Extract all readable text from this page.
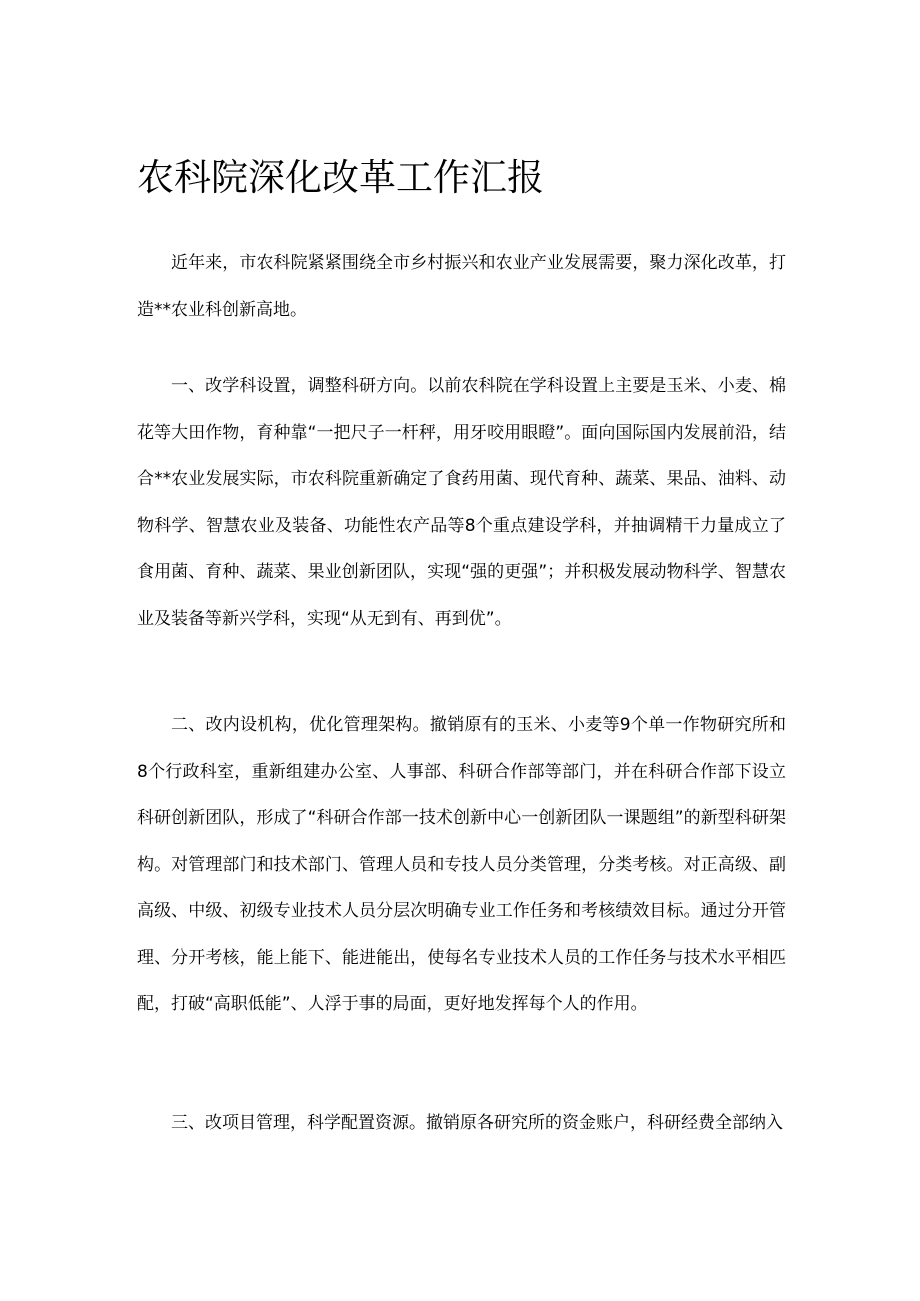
农科院深化改革工作汇报

近年来，市农科院紧紧围绕全市乡村振兴和农业产业发展需要，聚力深化改革，打造**农业科创新高地。

一、改学科设置，调整科研方向。以前农科院在学科设置上主要是玉米、小麦、棉花等大田作物，育种靠“一把尺子一杆秤，用牙咬用眼瞪”。面向国际国内发展前沿，结合**农业发展实际，市农科院重新确定了食药用菌、现代育种、蔬菜、果品、油料、动物科学、智慧农业及装备、功能性农产品等8个重点建设学科，并抽调精干力量成立了食用菌、育种、蔬菜、果业创新团队，实现“强的更强”；并积极发展动物科学、智慧农业及装备等新兴学科，实现“从无到有、再到优”。

二、改内设机构，优化管理架构。撤销原有的玉米、小麦等9个单一作物研究所和8个行政科室，重新组建办公室、人事部、科研合作部等部门，并在科研合作部下设立科研创新团队，形成了“科研合作部一技术创新中心一创新团队一课题组”的新型科研架构。对管理部门和技术部门、管理人员和专技人员分类管理，分类考核。对正高级、副高级、中级、初级专业技术人员分层次明确专业工作任务和考核绩效目标。通过分开管理、分开考核，能上能下、能进能出，使每名专业技术人员的工作任务与技术水平相匹配，打破“高职低能”、人浮于事的局面，更好地发挥每个人的作用。

三、改项目管理，科学配置资源。撤销原各研究所的资金账户，科研经费全部纳入
